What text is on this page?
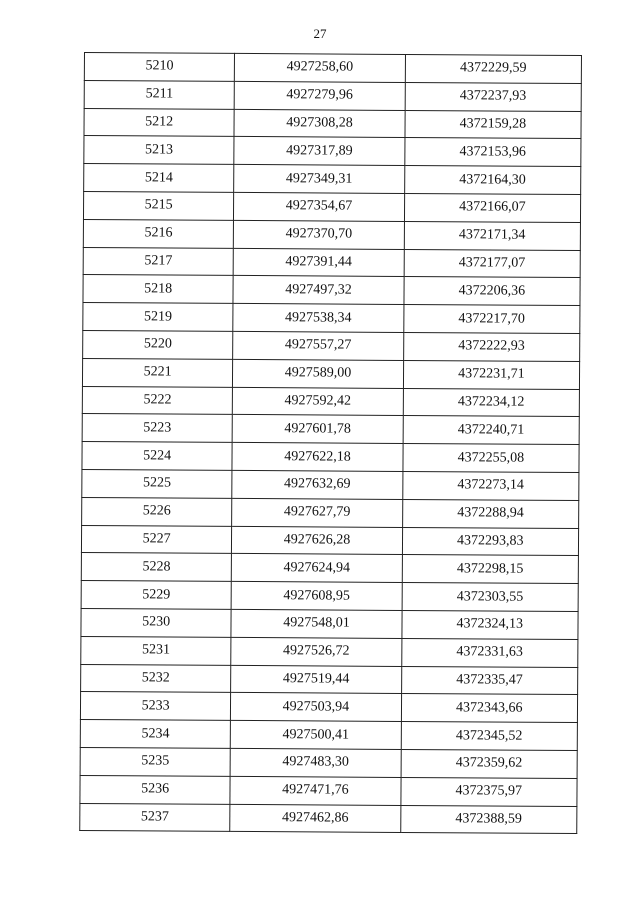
27
5210	4927258,60	4372229,59
5211	4927279,96	4372237,93
5212	4927308,28	4372159,28
5213	4927317,89	4372153,96
5214	4927349,31	4372164,30
5215	4927354,67	4372166,07
5216	4927370,70	4372171,34
5217	4927391,44	4372177,07
5218	4927497,32	4372206,36
5219	4927538,34	4372217,70
5220	4927557,27	4372222,93
5221	4927589,00	4372231,71
5222	4927592,42	4372234,12
5223	4927601,78	4372240,71
5224	4927622,18	4372255,08
5225	4927632,69	4372273,14
5226	4927627,79	4372288,94
5227	4927626,28	4372293,83
5228	4927624,94	4372298,15
5229	4927608,95	4372303,55
5230	4927548,01	4372324,13
5231	4927526,72	4372331,63
5232	4927519,44	4372335,47
5233	4927503,94	4372343,66
5234	4927500,41	4372345,52
5235	4927483,30	4372359,62
5236	4927471,76	4372375,97
5237	4927462,86	4372388,59
